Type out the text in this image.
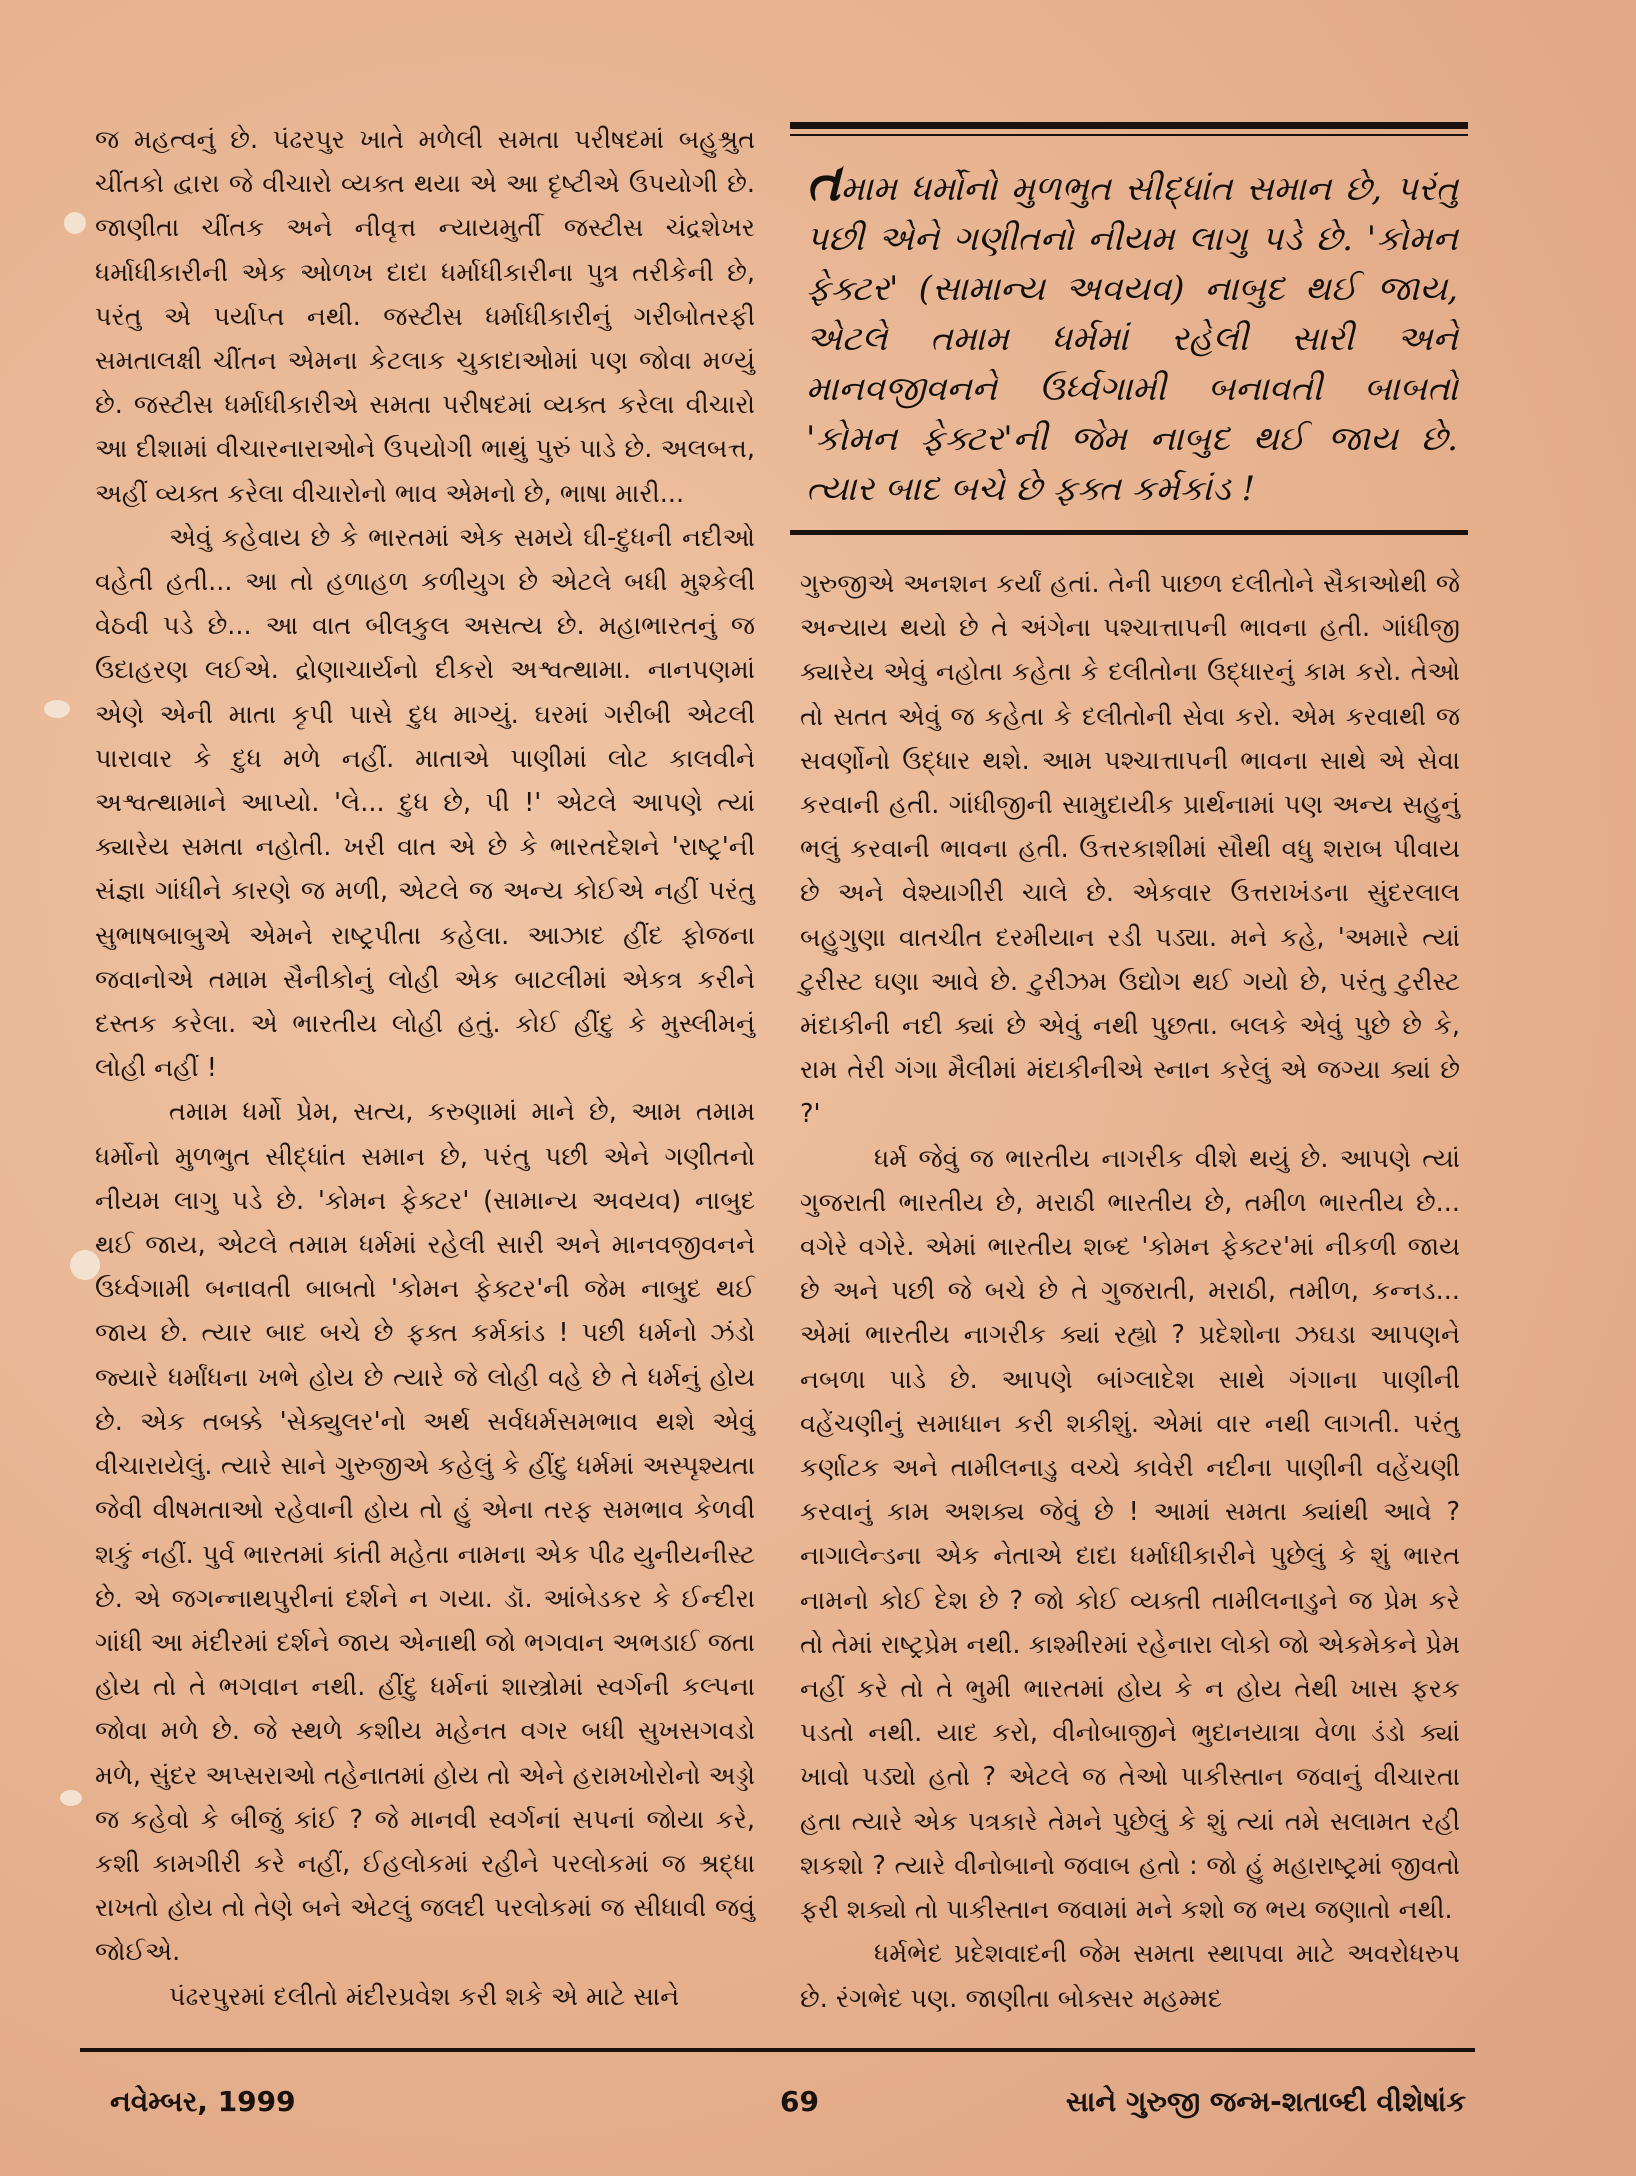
જ મહત્વનું છે. પંઢરપુર ખાતે મળેલી સમતા પરીષદમાં બહુશ્રુત ચીંતકો દ્વારા જે વીચારો વ્યક્ત થયા એ આ દૃષ્ટીએ ઉપયોગી છે. જાણીતા ચીંતક અને નીવૃત્ત ન્યાયમુર્તી જસ્ટીસ ચંદ્રશેખર ધર્માધીકારીની એક ઓળખ દાદા ધર્માધીકારીના પુત્ર તરીકેની છે, પરંતુ એ પર્યાપ્ત નથી. જસ્ટીસ ધર્માધીકારીનું ગરીબોતરફી સમતાલક્ષી ચીંતન એમના કેટલાક ચુકાદાઓમાં પણ જોવા મળ્યું છે. જસ્ટીસ ધર્માધીકારીએ સમતા પરીષદમાં વ્યક્ત કરેલા વીચારો આ દીશામાં વીચારનારાઓને ઉપયોગી ભાથું પુરું પાડે છે. અલબત્ત, અહીં વ્યક્ત કરેલા વીચારોનો ભાવ એમનો છે, ભાષા મારી...

એવું કહેવાય છે કે ભારતમાં એક સમયે ઘી-દુધની નદીઓ વહેતી હતી... આ તો હળાહળ કળીયુગ છે એટલે બધી મુશ્કેલી વેઠવી પડે છે... આ વાત બીલકુલ અસત્ય છે. મહાભારતનું જ ઉદાહરણ લઈએ. દ્રોણાચાર્યનો દીકરો અશ્વત્થામા. નાનપણમાં એણે એની માતા કૃપી પાસે દુધ માગ્યું. ઘરમાં ગરીબી એટલી પારાવાર કે દુધ મળે નહીં. માતાએ પાણીમાં લોટ કાલવીને અશ્વત્થામાને આપ્યો. 'લે... દુધ છે, પી !' એટલે આપણે ત્યાં ક્યારેય સમતા નહોતી. ખરી વાત એ છે કે ભારતદેશને 'રાષ્ટ્ર'ની સંજ્ઞા ગાંધીને કારણે જ મળી, એટલે જ અન્ય કોઈએ નહીં પરંતુ સુભાષબાબુએ એમને રાષ્ટ્રપીતા કહેલા. આઝાદ હીંદ ફોજના જવાનોએ તમામ સૈનીકોનું લોહી એક બાટલીમાં એકત્ર કરીને દસ્તક કરેલા. એ ભારતીય લોહી હતું. કોઈ હીંદુ કે મુસ્લીમનું લોહી નહીં !

તમામ ધર્મો પ્રેમ, સત્ય, કરુણામાં માને છે, આમ તમામ ધર્મોનો મુળભુત સીદ્ધાંત સમાન છે, પરંતુ પછી એને ગણીતનો નીયમ લાગુ પડે છે. 'કોમન ફેક્ટર' (સામાન્ય અવયવ) નાબુદ થઈ જાય, એટલે તમામ ધર્મમાં રહેલી સારી અને માનવજીવનને ઉર્ધ્વગામી બનાવતી બાબતો 'કોમન ફેક્ટર'ની જેમ નાબુદ થઈ જાય છે. ત્યાર બાદ બચે છે ફક્ત કર્મકાંડ ! પછી ધર્મનો ઝંડો જ્યારે ધર્માંધના ખભે હોય છે ત્યારે જે લોહી વહે છે તે ધર્મનું હોય છે. એક તબક્કે 'સેક્યુલર'નો અર્થ સર્વધર્મસમભાવ થશે એવું વીચારાયેલું. ત્યારે સાને ગુરુજીએ કહેલું કે હીંદુ ધર્મમાં અસ્પૃશ્યતા જેવી વીષમતાઓ રહેવાની હોય તો હું એના તરફ સમભાવ કેળવી શકું નહીં. પુર્વ ભારતમાં કાંતી મહેતા નામના એક પીઢ યુનીયનીસ્ટ છે. એ જગન્નાથપુરીનાં દર્શને ન ગયા. ડૉ. આંબેડકર કે ઈન્દીરા ગાંધી આ મંદીરમાં દર્શને જાય એનાથી જો ભગવાન અભડાઈ જતા હોય તો તે ભગવાન નથી. હીંદુ ધર્મનાં શાસ્ત્રોમાં સ્વર્ગની કલ્પના જોવા મળે છે. જે સ્થળે કશીય મહેનત વગર બધી સુખસગવડો મળે, સુંદર અપ્સરાઓ તહેનાતમાં હોય તો એને હરામખોરોનો અડ્ડો જ કહેવો કે બીજું કાંઈ ? જે માનવી સ્વર્ગનાં સપનાં જોયા કરે, કશી કામગીરી કરે નહીં, ઈહલોકમાં રહીને પરલોકમાં જ શ્રદ્ધા રાખતો હોય તો તેણે બને એટલું જલદી પરલોકમાં જ સીધાવી જવું જોઈએ.

પંઢરપુરમાં દલીતો મંદીરપ્રવેશ કરી શકે એ માટે સાને

તમામ ધર્મોનો મુળભુત સીદ્ધાંત સમાન છે, પરંતુ પછી એને ગણીતનો નીયમ લાગુ પડે છે. 'કોમન ફેક્ટર' (સામાન્ય અવયવ) નાબુદ થઈ જાય, એટલે તમામ ધર્મમાં રહેલી સારી અને માનવજીવનને ઉર્ધ્વગામી બનાવતી બાબતો 'કોમન ફેક્ટર'ની જેમ નાબુદ થઈ જાય છે. ત્યાર બાદ બચે છે ફક્ત કર્મકાંડ !

ગુરુજીએ અનશન કર્યાં હતાં. તેની પાછળ દલીતોને સૈકાઓથી જે અન્યાય થયો છે તે અંગેના પશ્ચાત્તાપની ભાવના હતી. ગાંધીજી ક્યારેય એવું નહોતા કહેતા કે દલીતોના ઉદ્ધારનું કામ કરો. તેઓ તો સતત એવું જ કહેતા કે દલીતોની સેવા કરો. એમ કરવાથી જ સવર્ણોનો ઉદ્ધાર થશે. આમ પશ્ચાત્તાપની ભાવના સાથે એ સેવા કરવાની હતી. ગાંધીજીની સામુદાયીક પ્રાર્થનામાં પણ અન્ય સહુનું ભલું કરવાની ભાવના હતી. ઉત્તરકાશીમાં સૌથી વધુ શરાબ પીવાય છે અને વેશ્યાગીરી ચાલે છે. એકવાર ઉત્તરાખંડના સુંદરલાલ બહુગુણા વાતચીત દરમીયાન રડી પડ્યા. મને કહે, 'અમારે ત્યાં ટુરીસ્ટ ઘણા આવે છે. ટુરીઝમ ઉદ્યોગ થઈ ગયો છે, પરંતુ ટુરીસ્ટ મંદાકીની નદી ક્યાં છે એવું નથી પુછતા. બલકે એવું પુછે છે કે, રામ તેરી ગંગા મૈલીમાં મંદાકીનીએ સ્નાન કરેલું એ જગ્યા ક્યાં છે ?'

ધર્મ જેવું જ ભારતીય નાગરીક વીશે થયું છે. આપણે ત્યાં ગુજરાતી ભારતીય છે, મરાઠી ભારતીય છે, તમીળ ભારતીય છે... વગેરે વગેરે. એમાં ભારતીય શબ્દ 'કોમન ફેક્ટર'માં નીકળી જાય છે અને પછી જે બચે છે તે ગુજરાતી, મરાઠી, તમીળ, કન્નડ... એમાં ભારતીય નાગરીક ક્યાં રહ્યો ? પ્રદેશોના ઝઘડા આપણને નબળા પાડે છે. આપણે બાંગ્લાદેશ સાથે ગંગાના પાણીની વહેંચણીનું સમાધાન કરી શકીશું. એમાં વાર નથી લાગતી. પરંતુ કર્ણાટક અને તામીલનાડુ વચ્ચે કાવેરી નદીના પાણીની વહેંચણી કરવાનું કામ અશક્ય જેવું છે ! આમાં સમતા ક્યાંથી આવે ? નાગાલેન્ડના એક નેતાએ દાદા ધર્માધીકારીને પુછેલું કે શું ભારત નામનો કોઈ દેશ છે ? જો કોઈ વ્યક્તી તામીલનાડુને જ પ્રેમ કરે તો તેમાં રાષ્ટ્રપ્રેમ નથી. કાશ્મીરમાં રહેનારા લોકો જો એકમેકને પ્રેમ નહીં કરે તો તે ભુમી ભારતમાં હોય કે ન હોય તેથી ખાસ ફરક પડતો નથી. યાદ કરો, વીનોબાજીને ભુદાનયાત્રા વેળા ડંડો ક્યાં ખાવો પડ્યો હતો ? એટલે જ તેઓ પાકીસ્તાન જવાનું વીચારતા હતા ત્યારે એક પત્રકારે તેમને પુછેલું કે શું ત્યાં તમે સલામત રહી શકશો ? ત્યારે વીનોબાનો જવાબ હતો : જો હું મહારાષ્ટ્રમાં જીવતો ફરી શક્યો તો પાકીસ્તાન જવામાં મને કશો જ ભય જણાતો નથી.

ધર્મભેદ પ્રદેશવાદની જેમ સમતા સ્થાપવા માટે અવરોધરુપ છે. રંગભેદ પણ. જાણીતા બોક્સર મહમ્મદ

નવેમ્બર, 1999	69	સાને ગુરુજી જન્મ-શતાબ્દી વીશેષાંક
